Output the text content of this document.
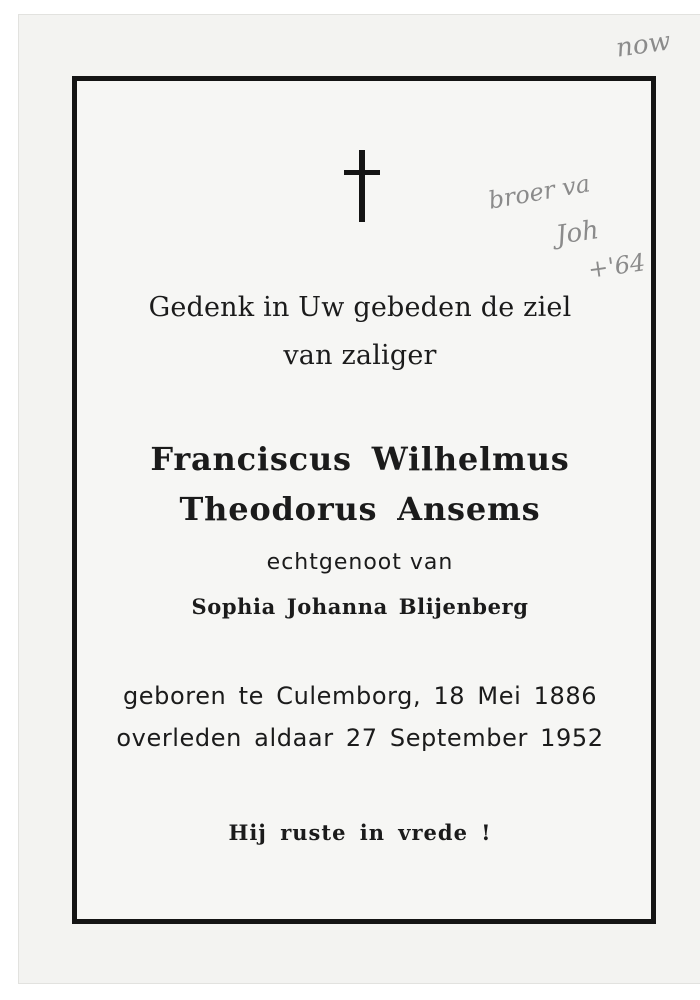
Gedenk in Uw gebeden de ziel
van zaliger
Franciscus Wilhelmus
Theodorus Ansems
echtgenoot van
Sophia Johanna Blijenberg
geboren te Culemborg, 18 Mei 1886
overleden aldaar 27 September 1952
Hij ruste in vrede !
now
broer va
Joh
+'64
